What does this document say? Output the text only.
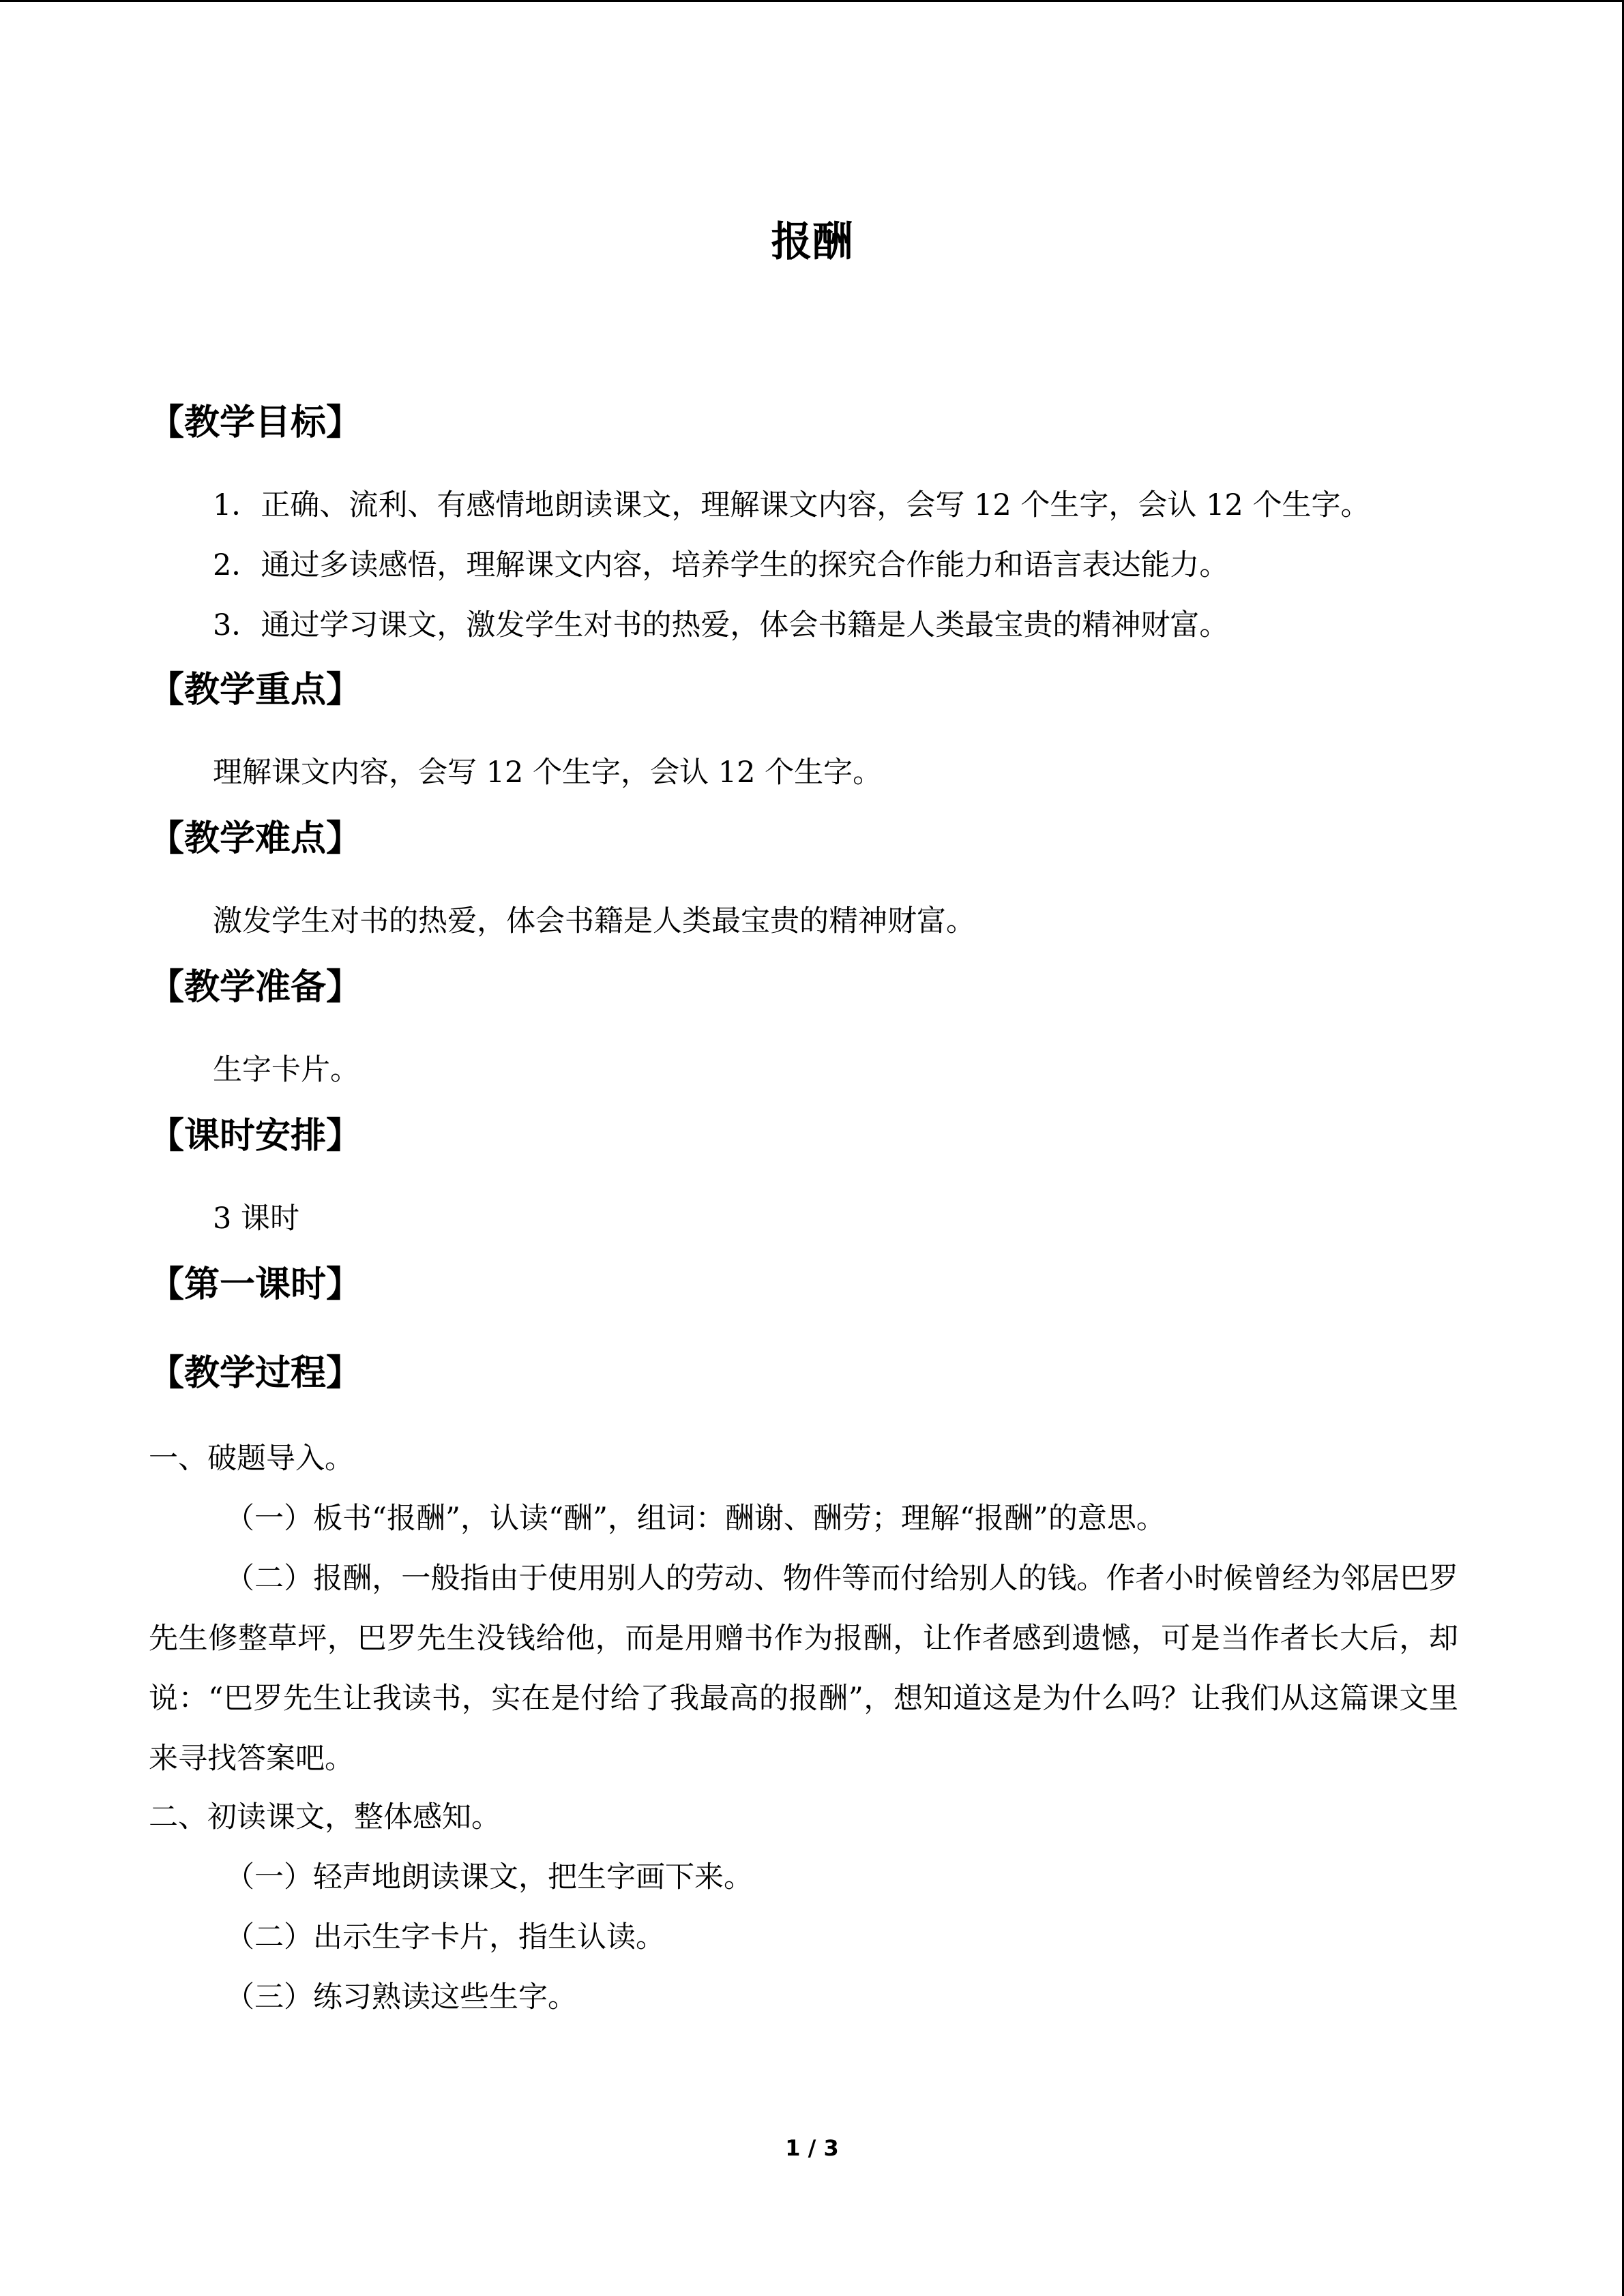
报酬
【教学目标】
1．正确、流利、有感情地朗读课文，理解课文内容，会写 12 个生字，会认 12 个生字。
2．通过多读感悟，理解课文内容，培养学生的探究合作能力和语言表达能力。
3．通过学习课文，激发学生对书的热爱，体会书籍是人类最宝贵的精神财富。
【教学重点】
理解课文内容，会写 12 个生字，会认 12 个生字。
【教学难点】
激发学生对书的热爱，体会书籍是人类最宝贵的精神财富。
【教学准备】
生字卡片。
【课时安排】
3 课时
【第一课时】
【教学过程】
一、破题导入。
（一）板书“报酬”，认读“酬”，组词：酬谢、酬劳；理解“报酬”的意思。
（二）报酬，一般指由于使用别人的劳动、物件等而付给别人的钱。作者小时候曾经为邻居巴罗先生修整草坪，巴罗先生没钱给他，而是用赠书作为报酬，让作者感到遗憾，可是当作者长大后，却说：“巴罗先生让我读书，实在是付给了我最高的报酬”，想知道这是为什么吗？让我们从这篇课文里来寻找答案吧。
二、初读课文，整体感知。
（一）轻声地朗读课文，把生字画下来。
（二）出示生字卡片，指生认读。
（三）练习熟读这些生字。
1 / 3
